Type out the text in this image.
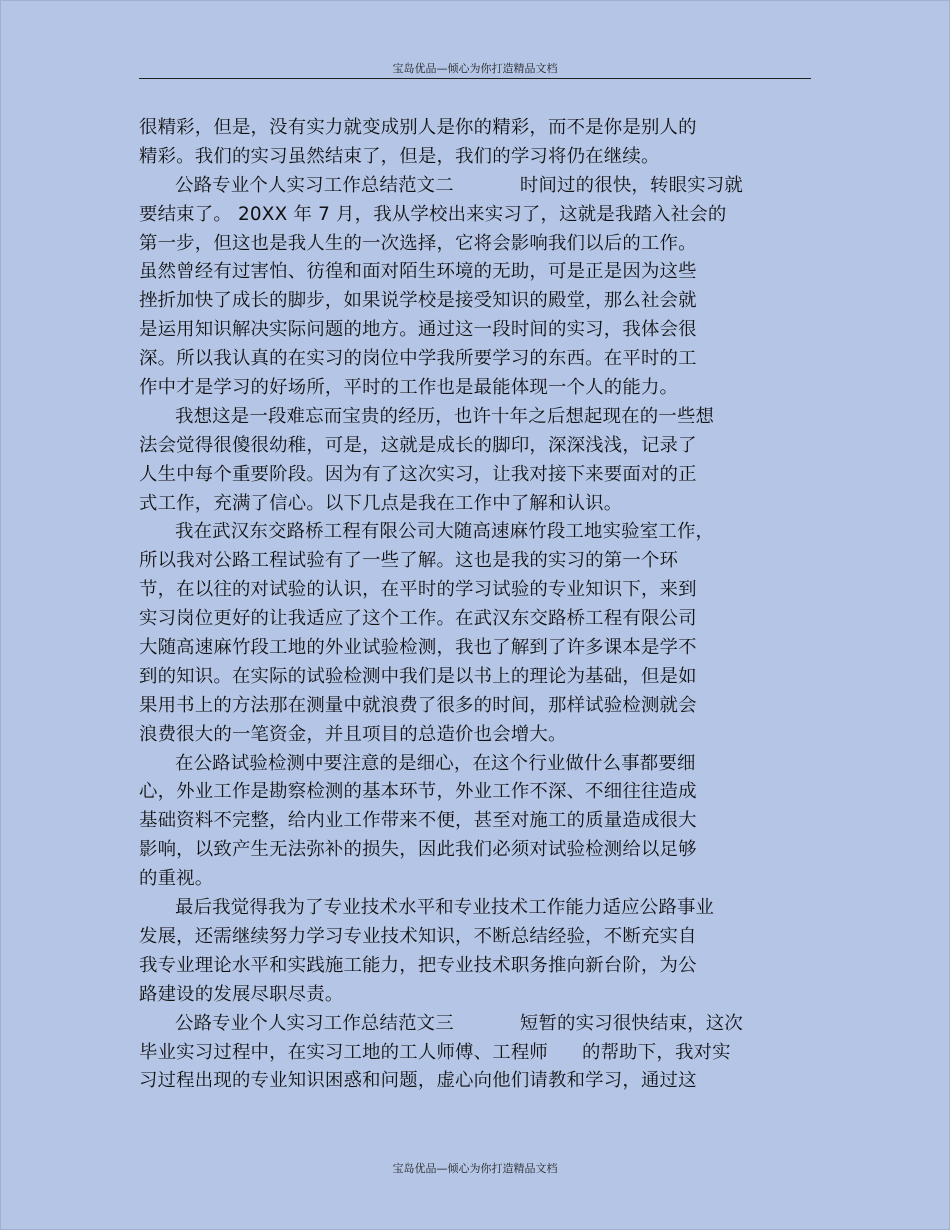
宝岛优品—倾心为你打造精品文档
很精彩，但是，没有实力就变成别人是你的精彩，而不是你是别人的
精彩。我们的实习虽然结束了，但是，我们的学习将仍在继续。
公路专业个人实习工作总结范文二	时间过的很快，转眼实习就
要结束了。 20XX 年 7 月，我从学校出来实习了，这就是我踏入社会的
第一步，但这也是我人生的一次选择，它将会影响我们以后的工作。
虽然曾经有过害怕、彷徨和面对陌生环境的无助，可是正是因为这些
挫折加快了成长的脚步，如果说学校是接受知识的殿堂，那么社会就
是运用知识解决实际问题的地方。通过这一段时间的实习，我体会很
深。所以我认真的在实习的岗位中学我所要学习的东西。在平时的工
作中才是学习的好场所，平时的工作也是最能体现一个人的能力。
我想这是一段难忘而宝贵的经历，也许十年之后想起现在的一些想
法会觉得很傻很幼稚，可是，这就是成长的脚印，深深浅浅，记录了
人生中每个重要阶段。因为有了这次实习，让我对接下来要面对的正
式工作，充满了信心。以下几点是我在工作中了解和认识。
我在武汉东交路桥工程有限公司大随高速麻竹段工地实验室工作，
所以我对公路工程试验有了一些了解。这也是我的实习的第一个环
节，在以往的对试验的认识，在平时的学习试验的专业知识下，来到
实习岗位更好的让我适应了这个工作。在武汉东交路桥工程有限公司
大随高速麻竹段工地的外业试验检测，我也了解到了许多课本是学不
到的知识。在实际的试验检测中我们是以书上的理论为基础，但是如
果用书上的方法那在测量中就浪费了很多的时间，那样试验检测就会
浪费很大的一笔资金，并且项目的总造价也会增大。
在公路试验检测中要注意的是细心，在这个行业做什么事都要细
心，外业工作是勘察检测的基本环节，外业工作不深、不细往往造成
基础资料不完整，给内业工作带来不便，甚至对施工的质量造成很大
影响，以致产生无法弥补的损失，因此我们必须对试验检测给以足够
的重视。
最后我觉得我为了专业技术水平和专业技术工作能力适应公路事业
发展，还需继续努力学习专业技术知识，不断总结经验，不断充实自
我专业理论水平和实践施工能力，把专业技术职务推向新台阶，为公
路建设的发展尽职尽责。
公路专业个人实习工作总结范文三	短暂的实习很快结束，这次
毕业实习过程中，在实习工地的工人师傅、工程师 的帮助下，我对实
习过程出现的专业知识困惑和问题，虚心向他们请教和学习，通过这
宝岛优品—倾心为你打造精品文档
